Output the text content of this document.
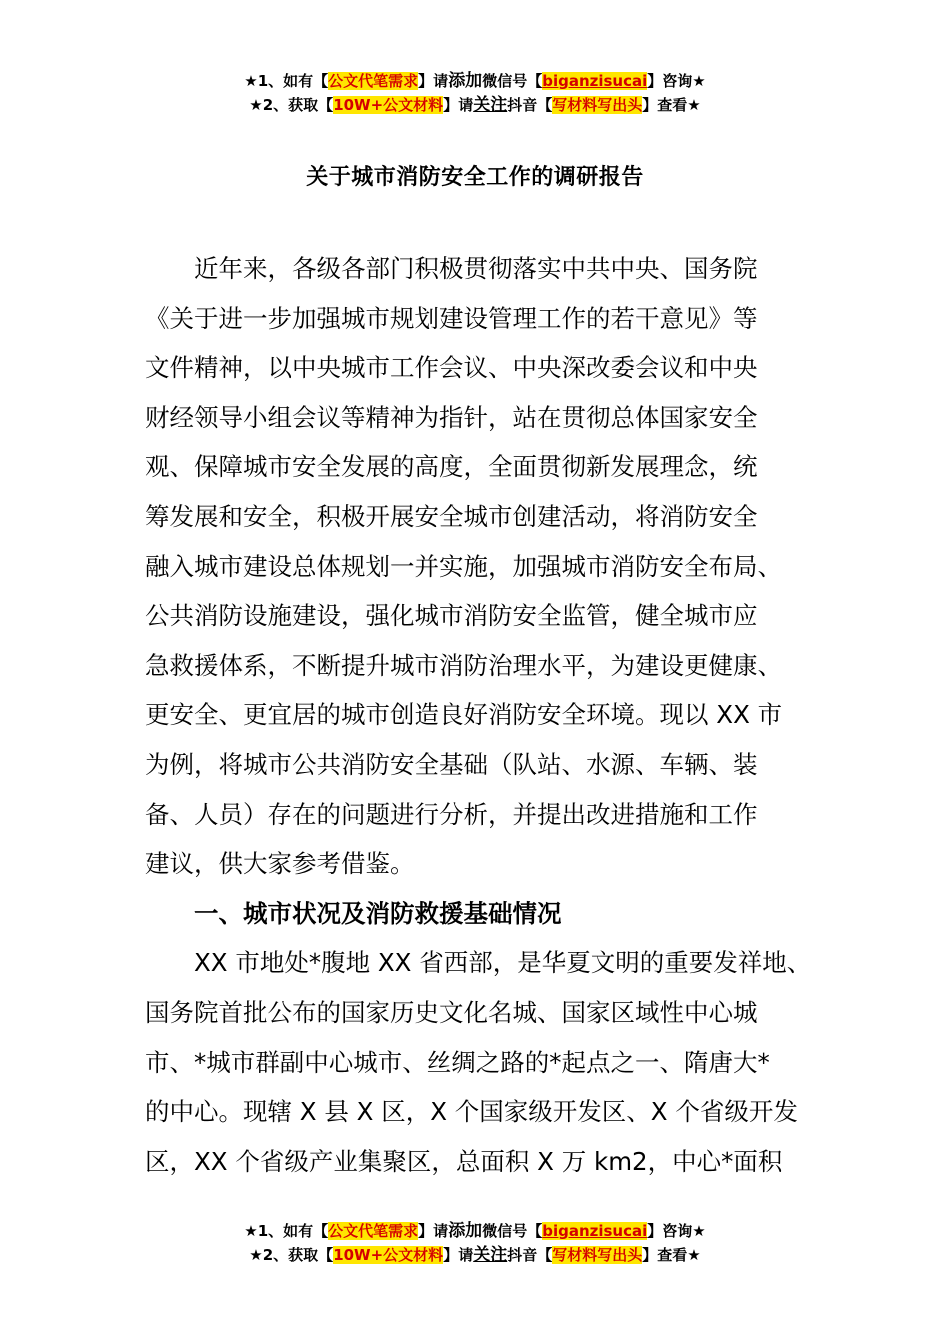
★1、如有【公文代笔需求】请添加微信号【biganzisucai】咨询★
★2、获取【10W+公文材料】请关注抖音【写材料写出头】查看★
关于城市消防安全工作的调研报告

近年来，各级各部门积极贯彻落实中共中央、国务院
《关于进一步加强城市规划建设管理工作的若干意见》等
文件精神，以中央城市工作会议、中央深改委会议和中央
财经领导小组会议等精神为指针，站在贯彻总体国家安全
观、保障城市安全发展的高度，全面贯彻新发展理念，统
筹发展和安全，积极开展安全城市创建活动，将消防安全
融入城市建设总体规划一并实施，加强城市消防安全布局、
公共消防设施建设，强化城市消防安全监管，健全城市应
急救援体系，不断提升城市消防治理水平，为建设更健康、
更安全、更宜居的城市创造良好消防安全环境。现以 XX 市
为例，将城市公共消防安全基础（队站、水源、车辆、装
备、人员）存在的问题进行分析，并提出改进措施和工作
建议，供大家参考借鉴。

一、城市状况及消防救援基础情况

XX 市地处*腹地 XX 省西部，是华夏文明的重要发祥地、
国务院首批公布的国家历史文化名城、国家区域性中心城
市、*城市群副中心城市、丝绸之路的*起点之一、隋唐大*
的中心。现辖 X 县 X 区，X 个国家级开发区、X 个省级开发
区，XX 个省级产业集聚区，总面积 X 万 km2，中心*面积

★1、如有【公文代笔需求】请添加微信号【biganzisucai】咨询★
★2、获取【10W+公文材料】请关注抖音【写材料写出头】查看★
